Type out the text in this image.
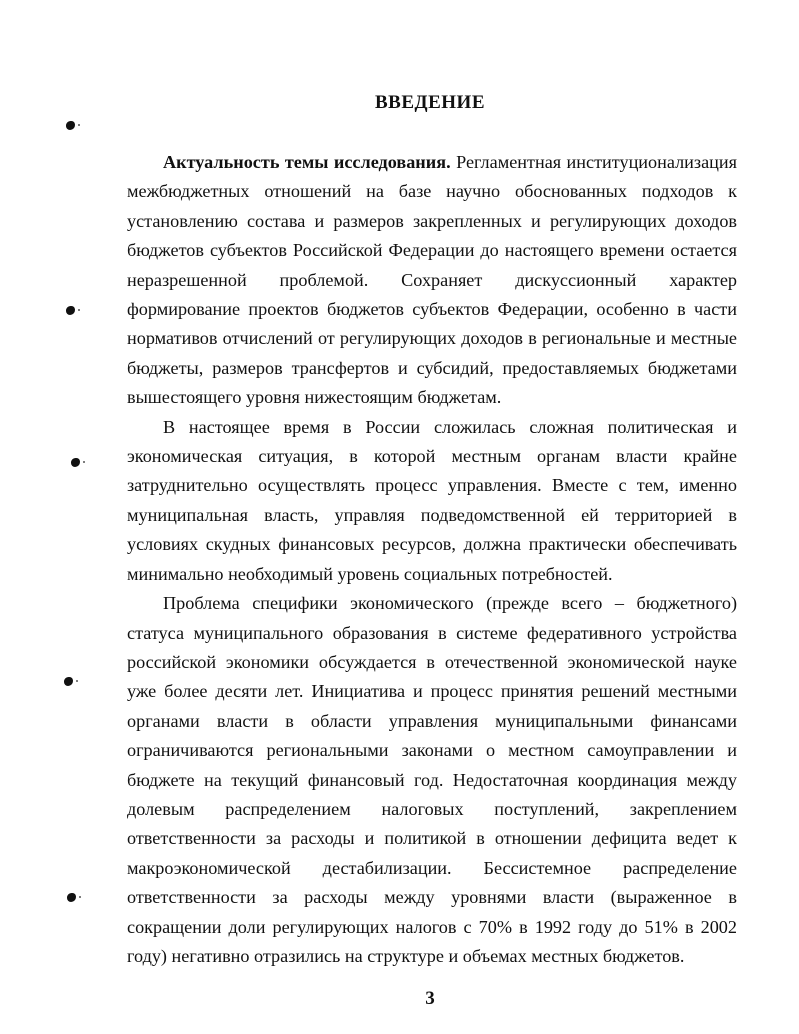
ВВЕДЕНИЕ

Актуальность темы исследования. Регламентная институционализация межбюджетных отношений на базе научно обоснованных подходов к установлению состава и размеров закрепленных и регулирующих доходов бюджетов субъектов Российской Федерации до настоящего времени остается неразрешенной проблемой. Сохраняет дискуссионный характер формирование проектов бюджетов субъектов Федерации, особенно в части нормативов отчислений от регулирующих доходов в региональные и местные бюджеты, размеров трансфертов и субсидий, предоставляемых бюджетами вышестоящего уровня нижестоящим бюджетам.

В настоящее время в России сложилась сложная политическая и экономическая ситуация, в которой местным органам власти крайне затруднительно осуществлять процесс управления. Вместе с тем, именно муниципальная власть, управляя подведомственной ей территорией в условиях скудных финансовых ресурсов, должна практически обеспечивать минимально необходимый уровень социальных потребностей.

Проблема специфики экономического (прежде всего – бюджетного) статуса муниципального образования в системе федеративного устройства российской экономики обсуждается в отечественной экономической науке уже более десяти лет. Инициатива и процесс принятия решений местными органами власти в области управления муниципальными финансами ограничиваются региональными законами о местном самоуправлении и бюджете на текущий финансовый год. Недостаточная координация между долевым распределением налоговых поступлений, закреплением ответственности за расходы и политикой в отношении дефицита ведет к макроэкономической дестабилизации. Бессистемное распределение ответственности за расходы между уровнями власти (выраженное в сокращении доли регулирующих налогов с 70% в 1992 году до 51% в 2002 году) негативно отразились на структуре и объемах местных бюджетов.

3
